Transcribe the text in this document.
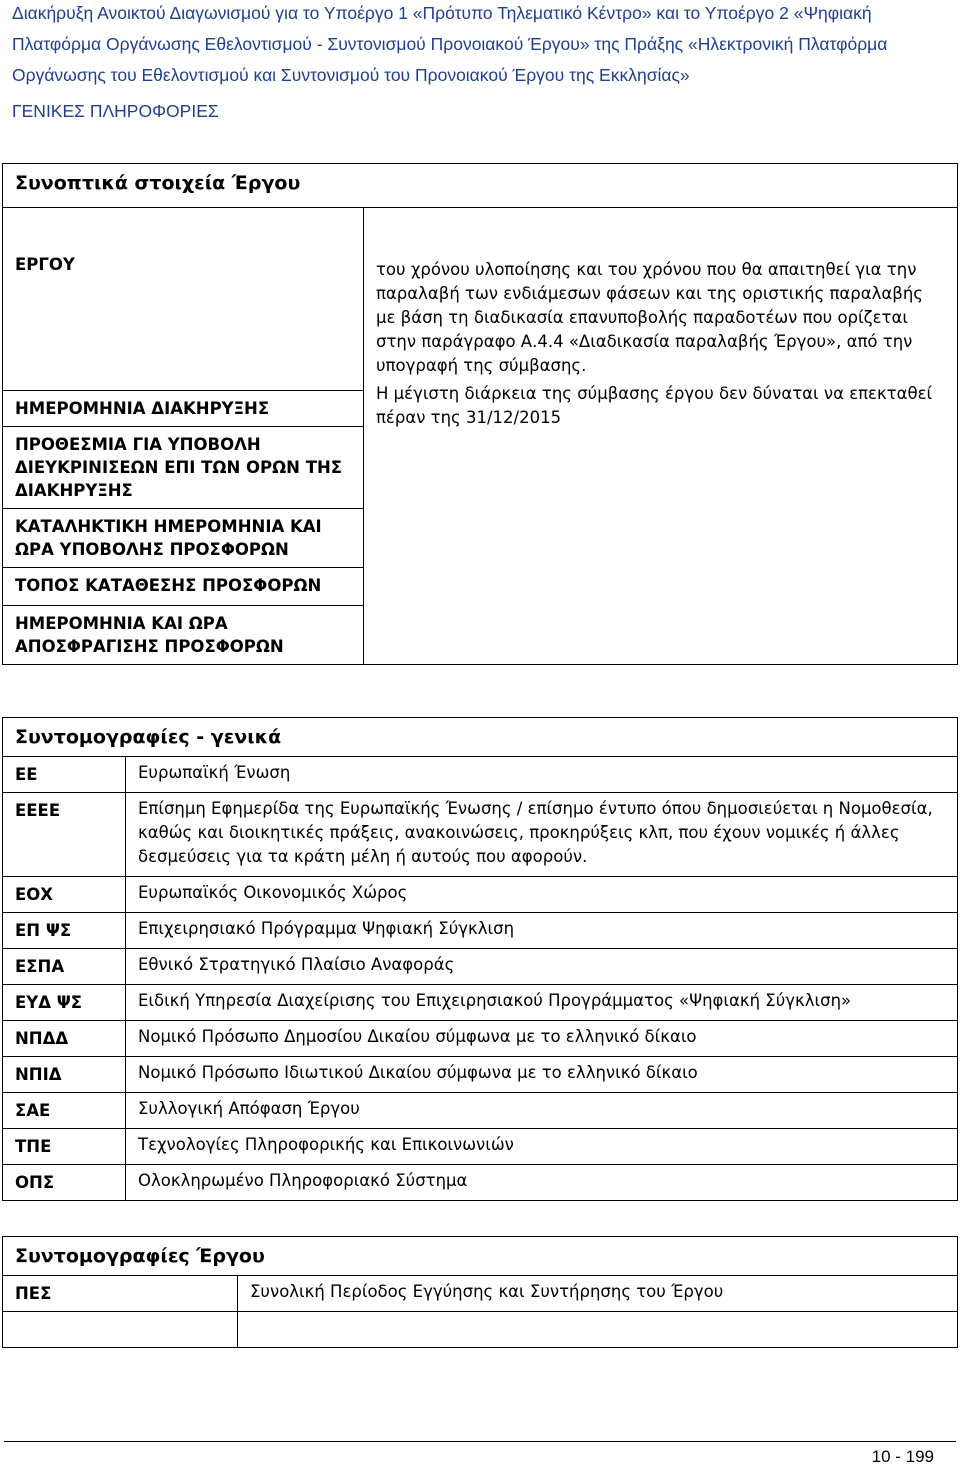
Διακήρυξη Ανοικτού Διαγωνισμού για το Υποέργο 1 «Πρότυπο Τηλεματικό Κέντρο» και το Υποέργο 2 «Ψηφιακή
Πλατφόρμα Οργάνωσης Εθελοντισμού - Συντονισμού Προνοιακού Έργου» της Πράξης «Ηλεκτρονική Πλατφόρμα
Οργάνωσης του Εθελοντισμού και Συντονισμού του Προνοιακού Έργου της Εκκλησίας»
ΓΕΝΙΚΕΣ ΠΛΗΡΟΦΟΡΙΕΣ
Συνοπτικά στοιχεία Έργου
ΕΡΓΟΥ	του χρόνου υλοποίησης και του χρόνου που θα απαιτηθεί για την παραλαβή των ενδιάμεσων φάσεων και της οριστικής παραλαβής με βάση τη διαδικασία επανυποβολής παραδοτέων που ορίζεται στην παράγραφο Α.4.4 «Διαδικασία παραλαβής Έργου», από την υπογραφή της σύμβασης.

Η μέγιστη διάρκεια της σύμβασης έργου δεν δύναται να επεκταθεί πέραν της 31/12/2015

ΗΜΕΡΟΜΗΝΙΑ ΔΙΑΚΗΡΥΞΗΣ
ΠΡΟΘΕΣΜΙΑ ΓΙΑ ΥΠΟΒΟΛΗ ΔΙΕΥΚΡΙΝΙΣΕΩΝ ΕΠΙ ΤΩΝ ΟΡΩΝ ΤΗΣ ΔΙΑΚΗΡΥΞΗΣ
ΚΑΤΑΛΗΚΤΙΚΗ ΗΜΕΡΟΜΗΝΙΑ ΚΑΙ ΩΡΑ ΥΠΟΒΟΛΗΣ ΠΡΟΣΦΟΡΩΝ
ΤΟΠΟΣ ΚΑΤΑΘΕΣΗΣ ΠΡΟΣΦΟΡΩΝ
ΗΜΕΡΟΜΗΝΙΑ ΚΑΙ ΩΡΑ ΑΠΟΣΦΡΑΓΙΣΗΣ ΠΡΟΣΦΟΡΩΝ
Συντομογραφίες - γενικά	
ΕΕ	Ευρωπαϊκή Ένωση
ΕΕΕΕ	Επίσημη Εφημερίδα της Ευρωπαϊκής Ένωσης / επίσημο έντυπο όπου δημοσιεύεται η Νομοθεσία, καθώς και διοικητικές πράξεις, ανακοινώσεις, προκηρύξεις κλπ, που έχουν νομικές ή άλλες δεσμεύσεις για τα κράτη μέλη ή αυτούς που αφορούν.
ΕΟΧ	Ευρωπαϊκός Οικονομικός Χώρος
ΕΠ ΨΣ	Επιχειρησιακό Πρόγραμμα Ψηφιακή Σύγκλιση
ΕΣΠΑ	Εθνικό Στρατηγικό Πλαίσιο Αναφοράς
ΕΥΔ ΨΣ	Ειδική Υπηρεσία Διαχείρισης του Επιχειρησιακού Προγράμματος «Ψηφιακή Σύγκλιση»
ΝΠΔΔ	Νομικό Πρόσωπο Δημοσίου Δικαίου σύμφωνα με το ελληνικό δίκαιο
ΝΠΙΔ	Νομικό Πρόσωπο Ιδιωτικού Δικαίου σύμφωνα με το ελληνικό δίκαιο
ΣΑΕ	Συλλογική Απόφαση Έργου
ΤΠΕ	Τεχνολογίες Πληροφορικής και Επικοινωνιών
ΟΠΣ	Ολοκληρωμένο Πληροφοριακό Σύστημα
Συντομογραφίες Έργου	
ΠΕΣ	Συνολική Περίοδος Εγγύησης και Συντήρησης του Έργου

10 - 199
